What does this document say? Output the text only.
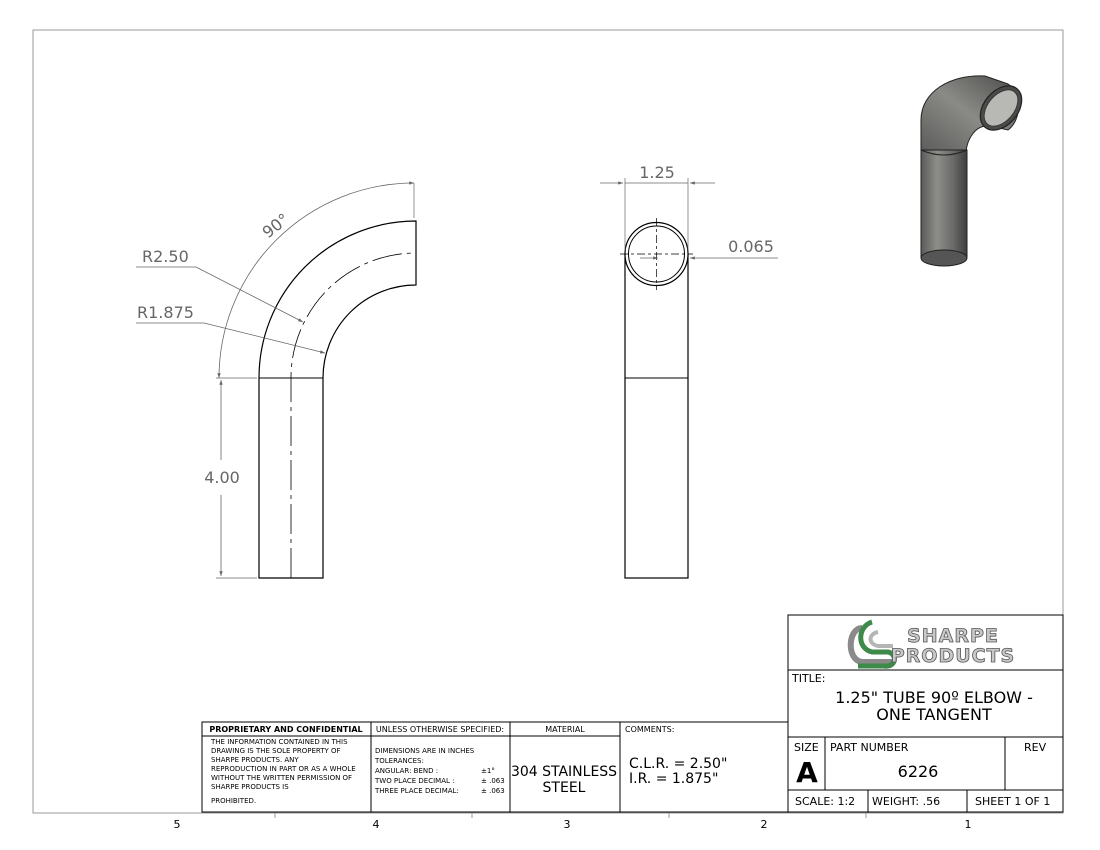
5	4	3	2	1
90°
R2.50
R1.875
4.00
1.25
0.065
PROPRIETARY AND CONFIDENTIAL
THE INFORMATION CONTAINED IN THIS
DRAWING IS THE SOLE PROPERTY OF
SHARPE PRODUCTS. ANY
REPRODUCTION IN PART OR AS A WHOLE
WITHOUT THE WRITTEN PERMISSION OF
SHARPE PRODUCTS IS
PROHIBITED.
UNLESS OTHERWISE SPECIFIED:
DIMENSIONS ARE IN INCHES
TOLERANCES:
ANGULAR: BEND :	±1°
TWO PLACE DECIMAL :	± .063
THREE PLACE DECIMAL:	± .063
MATERIAL
304 STAINLESS
STEEL
COMMENTS:
C.L.R. = 2.50"
I.R. = 1.875"
SHARPE
PRODUCTS
TITLE:
1.25" TUBE 90º ELBOW -
ONE TANGENT
SIZE
A
PART NUMBER
6226
REV
SCALE: 1:2 WEIGHT: .56	SHEET 1 OF 1
